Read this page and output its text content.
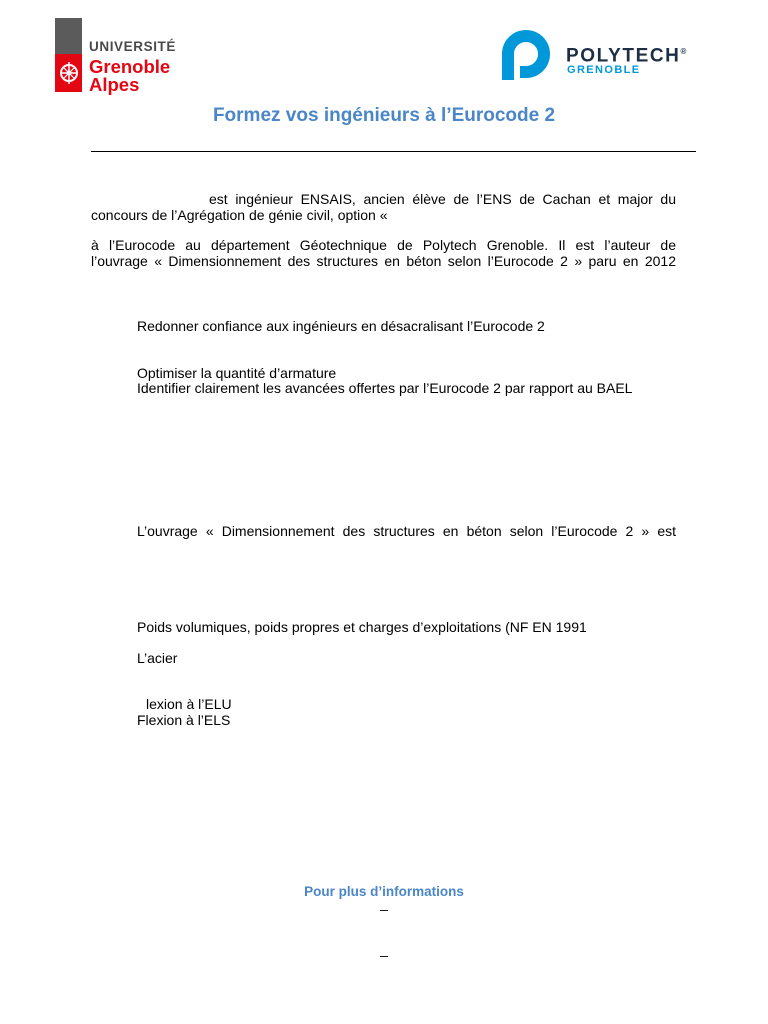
UNIVERSITÉ
Grenoble
Alpes
POLYTECH®
GRENOBLE
Formez vos ingénieurs à l’Eurocode 2
est ingénieur ENSAIS, ancien élève de l’ENS de Cachan et major du
concours de l’Agrégation de génie civil, option «
à l’Eurocode au département Géotechnique de Polytech Grenoble. Il est l’auteur de
l’ouvrage « Dimensionnement des structures en béton selon l’Eurocode 2 » paru en 2012
Redonner confiance aux ingénieurs en désacralisant l’Eurocode 2
Optimiser la quantité d’armature
Identifier clairement les avancées offertes par l’Eurocode 2 par rapport au BAEL
L’ouvrage « Dimensionnement des structures en béton selon l’Eurocode 2 » est
Poids volumiques, poids propres et charges d’exploitations (NF EN 1991
L’acier
lexion à l’ELU
Flexion à l’ELS
Pour plus d’informations
–
–
